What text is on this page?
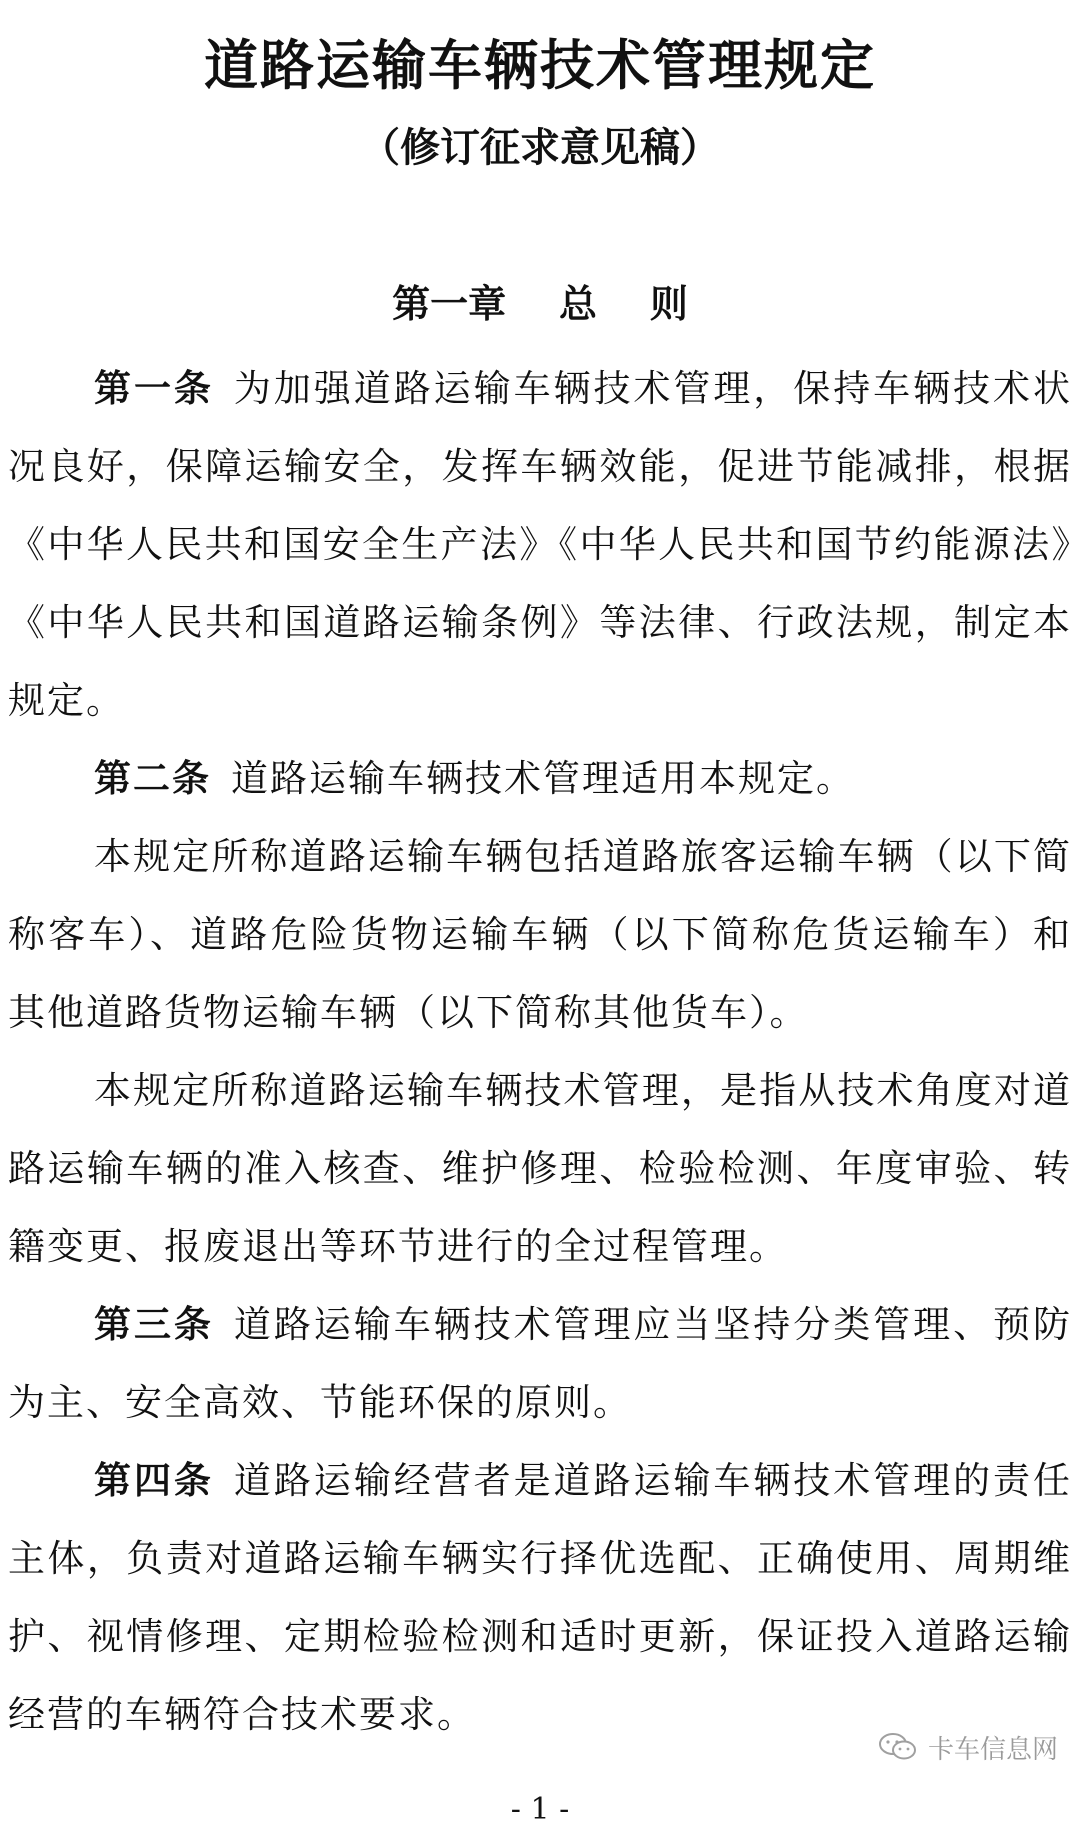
道路运输车辆技术管理规定
（修订征求意见稿）
第一章    总    则

第一条 为加强道路运输车辆技术管理，保持车辆技术状况良好，保障运输安全，发挥车辆效能，促进节能减排，根据《中华人民共和国安全生产法》《中华人民共和国节约能源法》《中华人民共和国道路运输条例》等法律、行政法规，制定本规定。

第二条 道路运输车辆技术管理适用本规定。

本规定所称道路运输车辆包括道路旅客运输车辆（以下简称客车）、道路危险货物运输车辆（以下简称危货运输车）和其他道路货物运输车辆（以下简称其他货车）。

本规定所称道路运输车辆技术管理，是指从技术角度对道路运输车辆的准入核查、维护修理、检验检测、年度审验、转籍变更、报废退出等环节进行的全过程管理。

第三条 道路运输车辆技术管理应当坚持分类管理、预防为主、安全高效、节能环保的原则。

第四条 道路运输经营者是道路运输车辆技术管理的责任主体，负责对道路运输车辆实行择优选配、正确使用、周期维护、视情修理、定期检验检测和适时更新，保证投入道路运输经营的车辆符合技术要求。

卡车信息网
- 1 -
